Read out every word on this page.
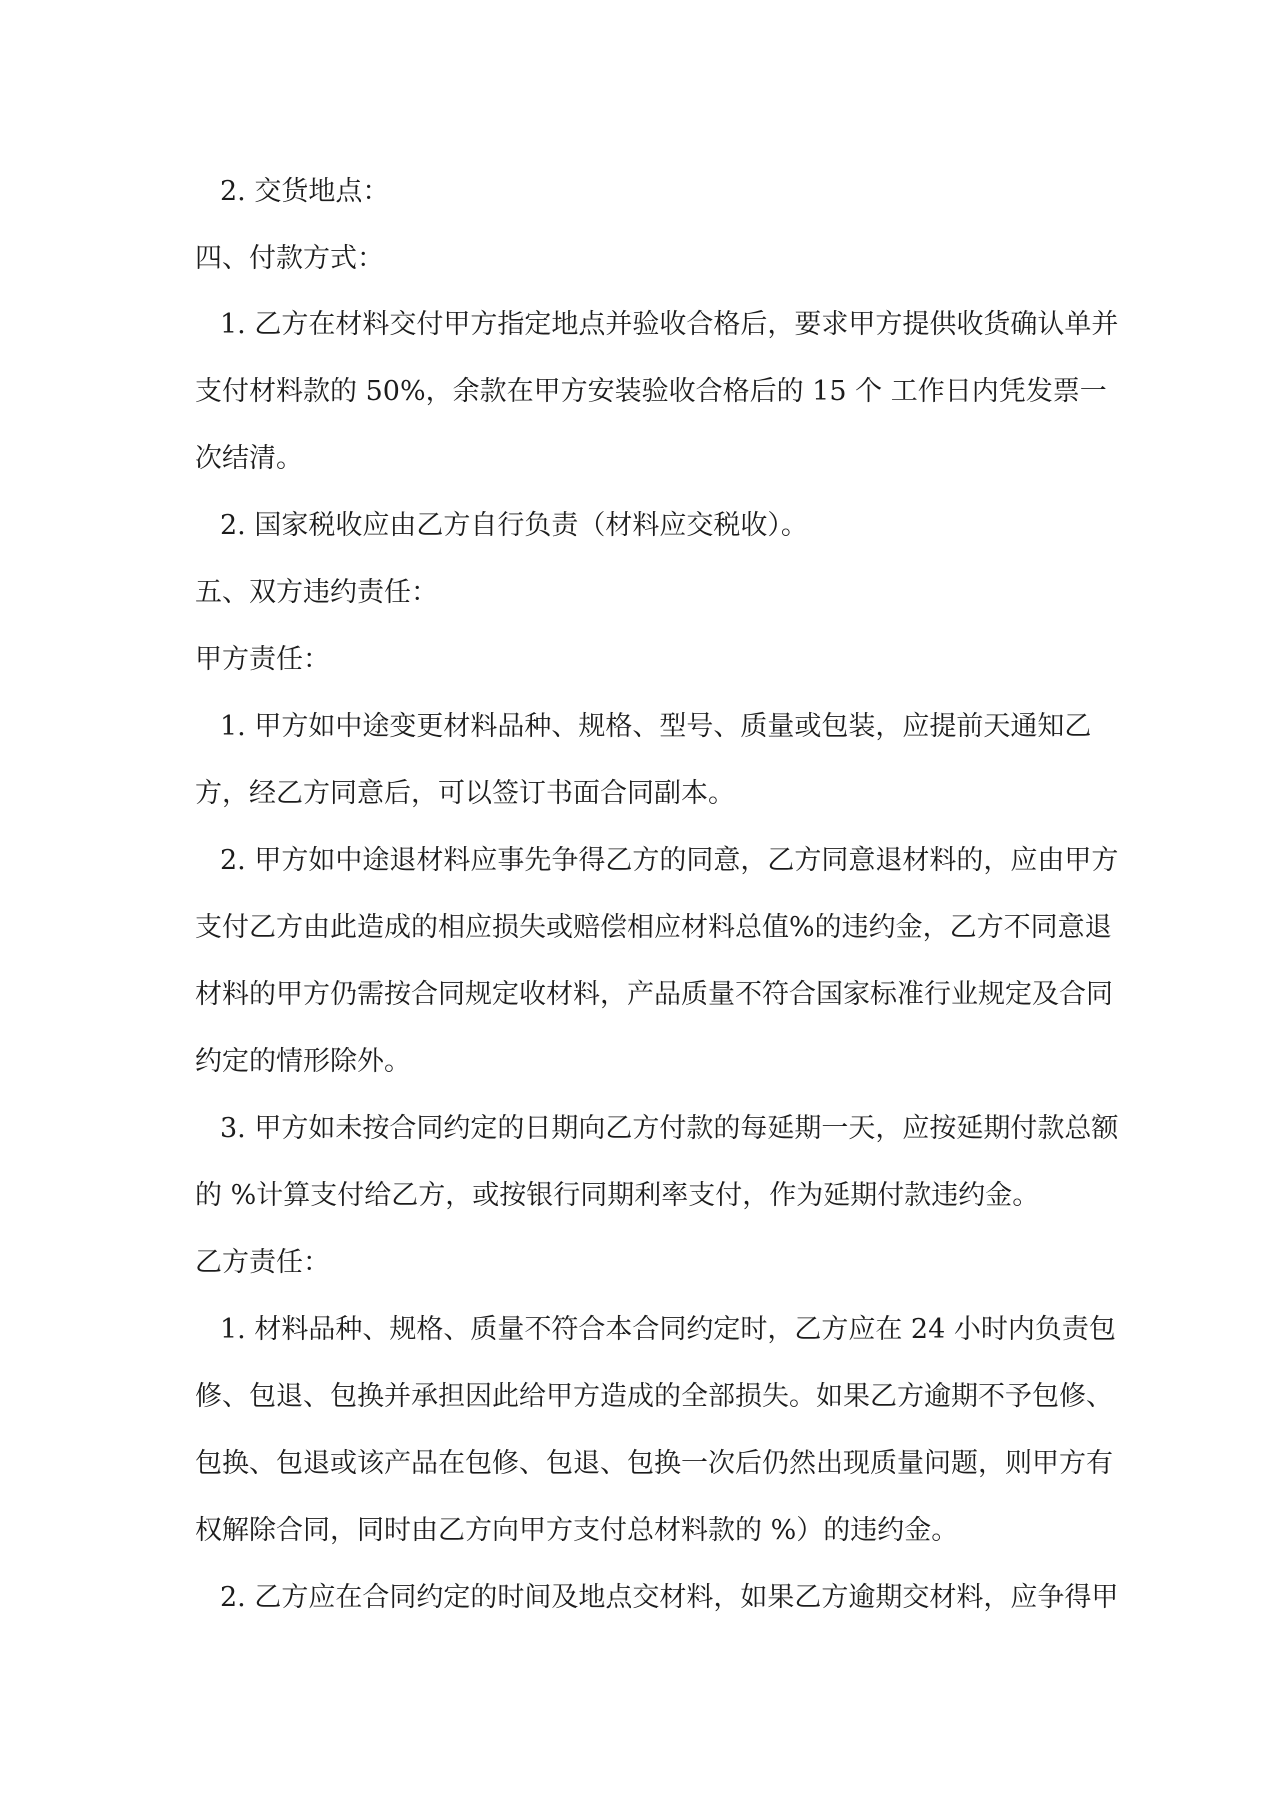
2. 交货地点：
四、付款方式：
1. 乙方在材料交付甲方指定地点并验收合格后，要求甲方提供收货确认单并
支付材料款的 50%，余款在甲方安装验收合格后的 15 个 工作日内凭发票一
次结清。
2. 国家税收应由乙方自行负责（材料应交税收）。
五、双方违约责任：
甲方责任：
1. 甲方如中途变更材料品种、规格、型号、质量或包装，应提前天通知乙
方，经乙方同意后，可以签订书面合同副本。
2. 甲方如中途退材料应事先争得乙方的同意，乙方同意退材料的，应由甲方
支付乙方由此造成的相应损失或赔偿相应材料总值%的违约金，乙方不同意退
材料的甲方仍需按合同规定收材料，产品质量不符合国家标准行业规定及合同
约定的情形除外。
3. 甲方如未按合同约定的日期向乙方付款的每延期一天，应按延期付款总额
的 %计算支付给乙方，或按银行同期利率支付，作为延期付款违约金。
乙方责任：
1. 材料品种、规格、质量不符合本合同约定时，乙方应在 24 小时内负责包
修、包退、包换并承担因此给甲方造成的全部损失。如果乙方逾期不予包修、
包换、包退或该产品在包修、包退、包换一次后仍然出现质量问题，则甲方有
权解除合同，同时由乙方向甲方支付总材料款的 %）的违约金。
2. 乙方应在合同约定的时间及地点交材料，如果乙方逾期交材料，应争得甲
